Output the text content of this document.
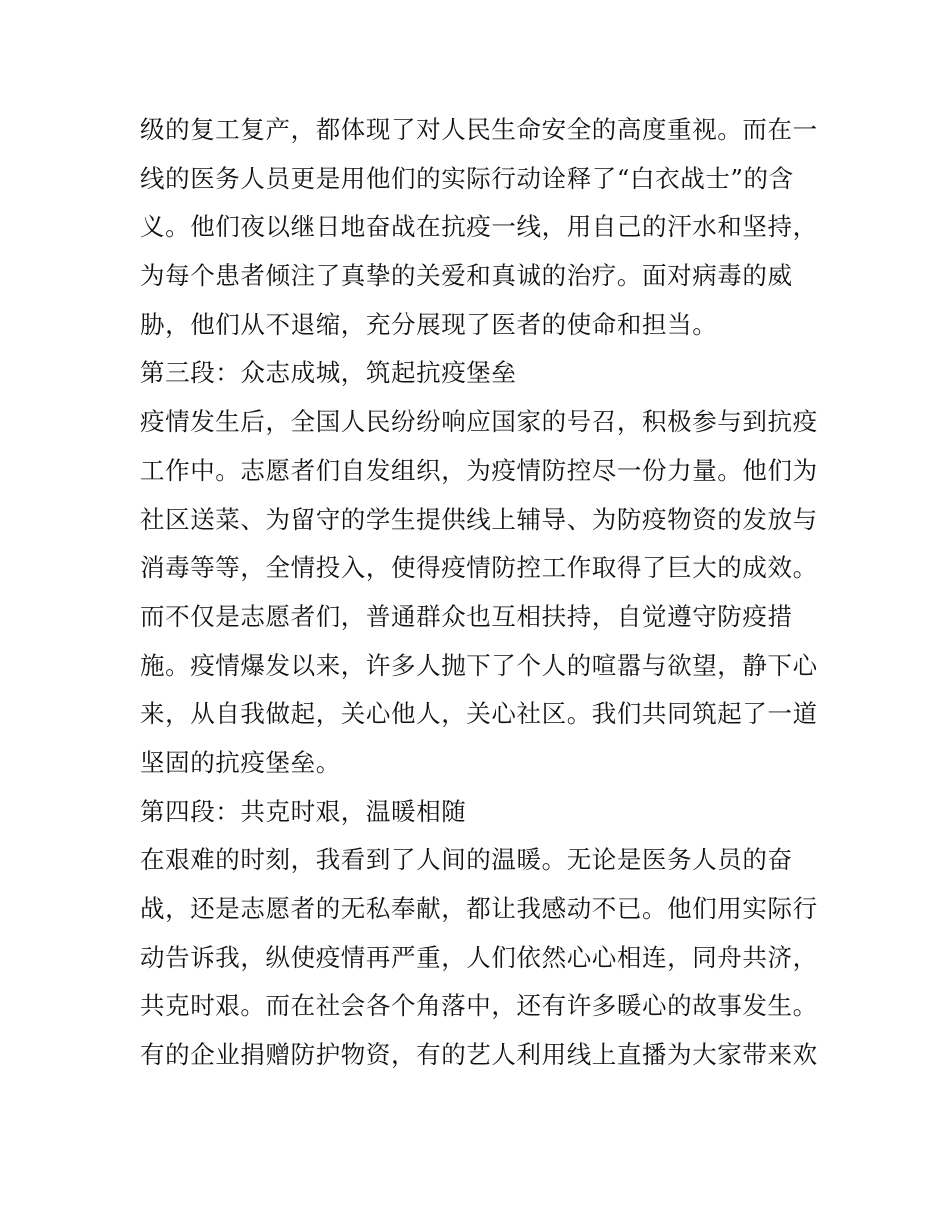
级的复工复产，都体现了对人民生命安全的高度重视。而在一
线的医务人员更是用他们的实际行动诠释了“白衣战士”的含
义。他们夜以继日地奋战在抗疫一线，用自己的汗水和坚持，
为每个患者倾注了真挚的关爱和真诚的治疗。面对病毒的威
胁，他们从不退缩，充分展现了医者的使命和担当。
第三段：众志成城，筑起抗疫堡垒
疫情发生后，全国人民纷纷响应国家的号召，积极参与到抗疫
工作中。志愿者们自发组织，为疫情防控尽一份力量。他们为
社区送菜、为留守的学生提供线上辅导、为防疫物资的发放与
消毒等等，全情投入，使得疫情防控工作取得了巨大的成效。
而不仅是志愿者们，普通群众也互相扶持，自觉遵守防疫措
施。疫情爆发以来，许多人抛下了个人的喧嚣与欲望，静下心
来，从自我做起，关心他人，关心社区。我们共同筑起了一道
坚固的抗疫堡垒。
第四段：共克时艰，温暖相随
在艰难的时刻，我看到了人间的温暖。无论是医务人员的奋
战，还是志愿者的无私奉献，都让我感动不已。他们用实际行
动告诉我，纵使疫情再严重，人们依然心心相连，同舟共济，
共克时艰。而在社会各个角落中，还有许多暖心的故事发生。
有的企业捐赠防护物资，有的艺人利用线上直播为大家带来欢
